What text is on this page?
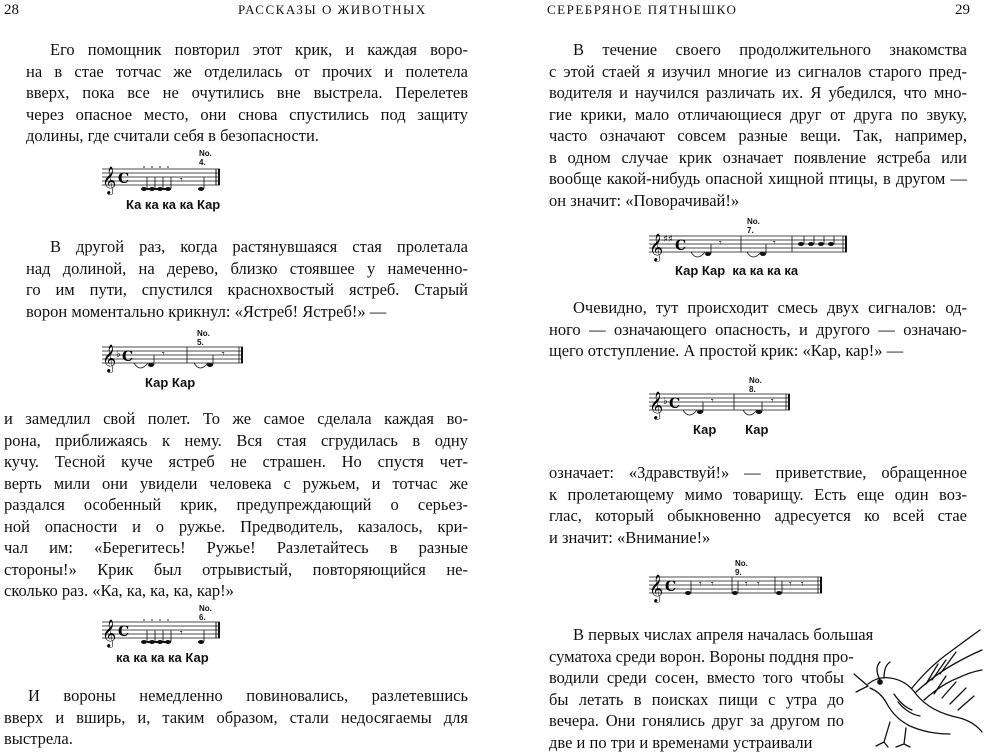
28	РАССКАЗЫ О ЖИВОТНЫХ

Его помощник повторил этот крик, и каждая воро-
на в стае тотчас же отделилась от прочих и полетела
вверх, пока все не очутились вне выстрела. Перелетев
через опасное место, они снова спустились под защиту
долины, где считали себя в безопасности.

No. 4.
𝄞 C	𝄾
Ка ка ка ка Кар

В другой раз, когда растянувшаяся стая пролетала
над долиной, на дерево, близко стоявшее у намеченно-
го им пути, спустился краснохвостый ястреб. Старый
ворон моментально крикнул: «Ястреб! Ястреб!» —

No. 5.
𝄞 ♭ C	𝄾	𝄾
Кар Кар

и замедлил свой полет. То же самое сделала каждая во-
рона, приближаясь к нему. Вся стая сгрудилась в одну
кучу. Тесной куче ястреб не страшен. Но спустя чет-
верть мили они увидели человека с ружьем, и тотчас же
раздался особенный крик, предупреждающий о серьез-
ной опасности и о ружье. Предводитель, казалось, кри-
чал им: «Берегитесь! Ружье! Разлетайтесь в разные
стороны!» Крик был отрывистый, повторяющийся не-
сколько раз. «Ка, ка, ка, ка, кар!»

No. 6.
𝄞 C	𝄾
ка ка ка ка Кар

И вороны немедленно повиновались, разлетевшись
вверх и вширь, и, таким образом, стали недосягаемы для
выстрела.

СЕРЕБРЯНОЕ ПЯТНЫШКО	29

В течение своего продолжительного знакомства
с этой стаей я изучил многие из сигналов старого пред-
водителя и научился различать их. Я убедился, что мно-
гие крики, мало отличающиеся друг от друга по звуку,
часто означают совсем разные вещи. Так, например,
в одном случае крик означает появление ястреба или
вообще какой-нибудь опасной хищной птицы, в другом —
он значит: «Поворачивай!»

No. 7.
𝄞 ♯♯ C	𝄾	𝄾
Кар Кар  ка ка ка ка

Очевидно, тут происходит смесь двух сигналов: од-
ного — означающего опасность, и другого — означаю-
щего отступление. А простой крик: «Кар, кар!» —

No. 8.
𝄞 ♭ C	𝄾	𝄾
Кар        Кар

означает: «Здравствуй!» — приветствие, обращенное
к пролетающему мимо товарищу. Есть еще один воз-
глас, который обыкновенно адресуется ко всей стае
и значит: «Внимание!»

No. 9.
𝄞 C 𝄾 𝄾	𝄾 𝄾	𝄾 𝄾

В первых числах апреля началась большая
суматоха среди ворон. Вороны поддня про-
водили среди сосен, вместо того чтобы
бы летать в поисках пищи с утра до
вечера. Они гонялись друг за другом по
две и по три и временами устраивали
